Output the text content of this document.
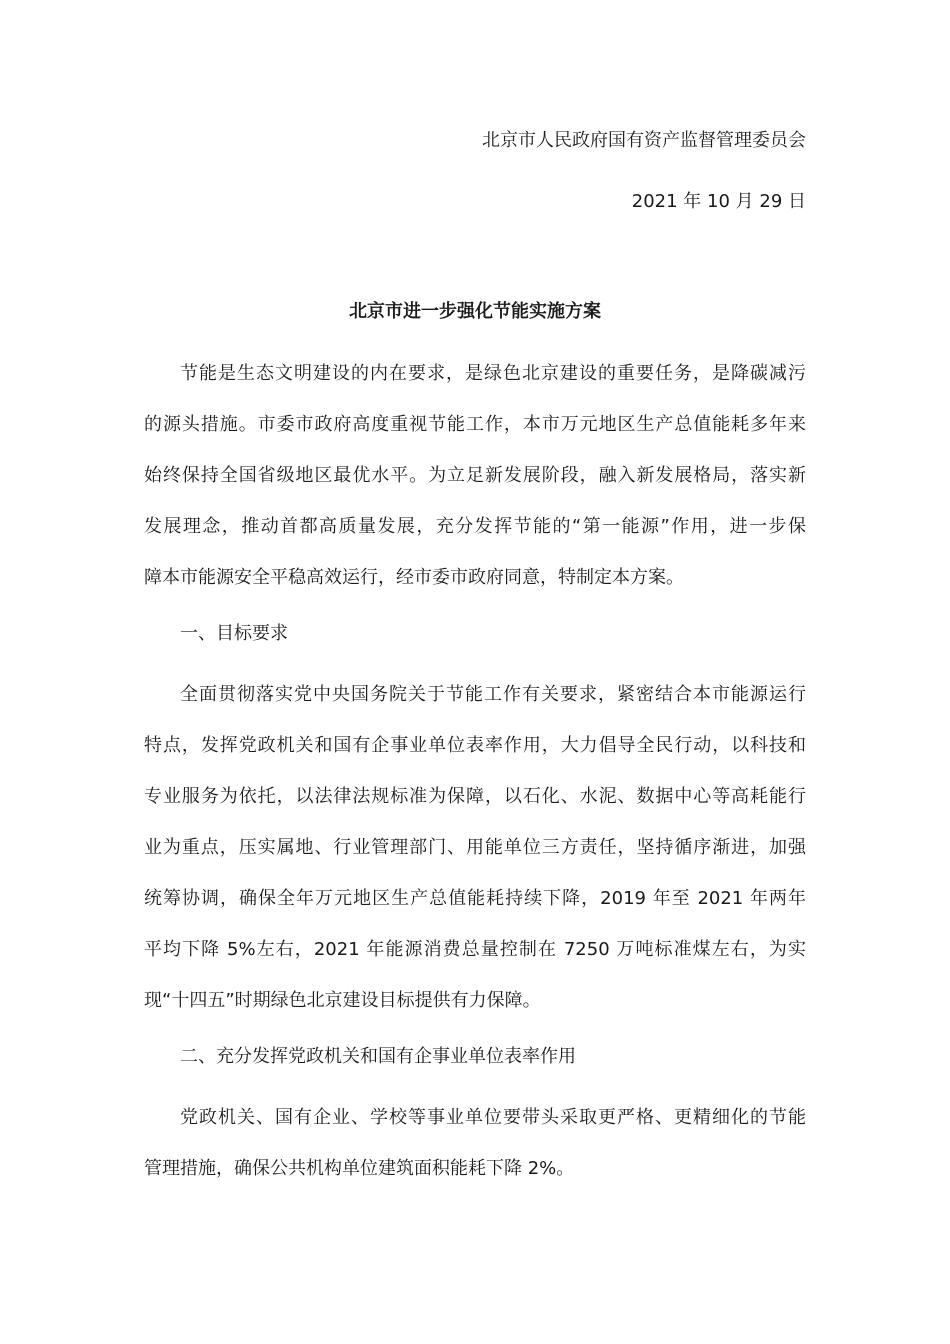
北京市人民政府国有资产监督管理委员会
2021 年 10 月 29 日
北京市进一步强化节能实施方案
节能是生态文明建设的内在要求，是绿色北京建设的重要任务，是降碳减污
的源头措施。市委市政府高度重视节能工作，本市万元地区生产总值能耗多年来
始终保持全国省级地区最优水平。为立足新发展阶段，融入新发展格局，落实新
发展理念，推动首都高质量发展，充分发挥节能的“第一能源”作用，进一步保
障本市能源安全平稳高效运行，经市委市政府同意，特制定本方案。
一、目标要求
全面贯彻落实党中央国务院关于节能工作有关要求，紧密结合本市能源运行
特点，发挥党政机关和国有企事业单位表率作用，大力倡导全民行动，以科技和
专业服务为依托，以法律法规标准为保障，以石化、水泥、数据中心等高耗能行
业为重点，压实属地、行业管理部门、用能单位三方责任，坚持循序渐进，加强
统筹协调，确保全年万元地区生产总值能耗持续下降，2019 年至 2021 年两年
平均下降 5%左右，2021 年能源消费总量控制在 7250 万吨标准煤左右，为实
现“十四五”时期绿色北京建设目标提供有力保障。
二、充分发挥党政机关和国有企事业单位表率作用
党政机关、国有企业、学校等事业单位要带头采取更严格、更精细化的节能
管理措施，确保公共机构单位建筑面积能耗下降 2%。
